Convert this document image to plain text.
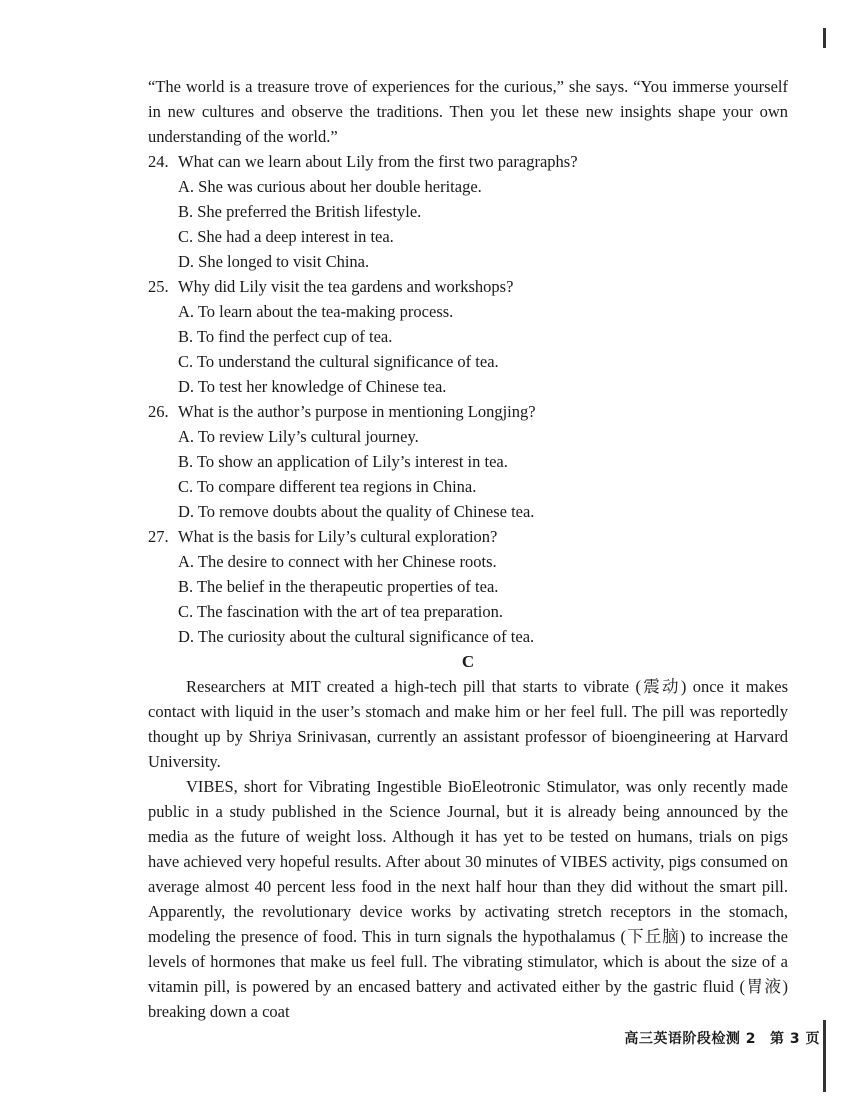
“The world is a treasure trove of experiences for the curious,” she says. “You immerse yourself in new cultures and observe the traditions. Then you let these new insights shape your own understanding of the world.”

24. What can we learn about Lily from the first two paragraphs?

A. She was curious about her double heritage.

B. She preferred the British lifestyle.

C. She had a deep interest in tea.

D. She longed to visit China.

25. Why did Lily visit the tea gardens and workshops?

A. To learn about the tea-making process.

B. To find the perfect cup of tea.

C. To understand the cultural significance of tea.

D. To test her knowledge of Chinese tea.

26. What is the author’s purpose in mentioning Longjing?

A. To review Lily’s cultural journey.

B. To show an application of Lily’s interest in tea.

C. To compare different tea regions in China.

D. To remove doubts about the quality of Chinese tea.

27. What is the basis for Lily’s cultural exploration?

A. The desire to connect with her Chinese roots.

B. The belief in the therapeutic properties of tea.

C. The fascination with the art of tea preparation.

D. The curiosity about the cultural significance of tea.

C

Researchers at MIT created a high-tech pill that starts to vibrate (震动) once it makes contact with liquid in the user’s stomach and make him or her feel full. The pill was reportedly thought up by Shriya Srinivasan, currently an assistant professor of bioengineering at Harvard University.

VIBES, short for Vibrating Ingestible BioEleotronic Stimulator, was only recently made public in a study published in the Science Journal, but it is already being announced by the media as the future of weight loss. Although it has yet to be tested on humans, trials on pigs have achieved very hopeful results. After about 30 minutes of VIBES activity, pigs consumed on average almost 40 percent less food in the next half hour than they did without the smart pill. Apparently, the revolutionary device works by activating stretch receptors in the stomach, modeling the presence of food. This in turn signals the hypothalamus (下丘脑) to increase the levels of hormones that make us feel full. The vibrating stimulator, which is about the size of a vitamin pill, is powered by an encased battery and activated either by the gastric fluid (胃液) breaking down a coat

高三英语阶段检测 2 第 3 页
